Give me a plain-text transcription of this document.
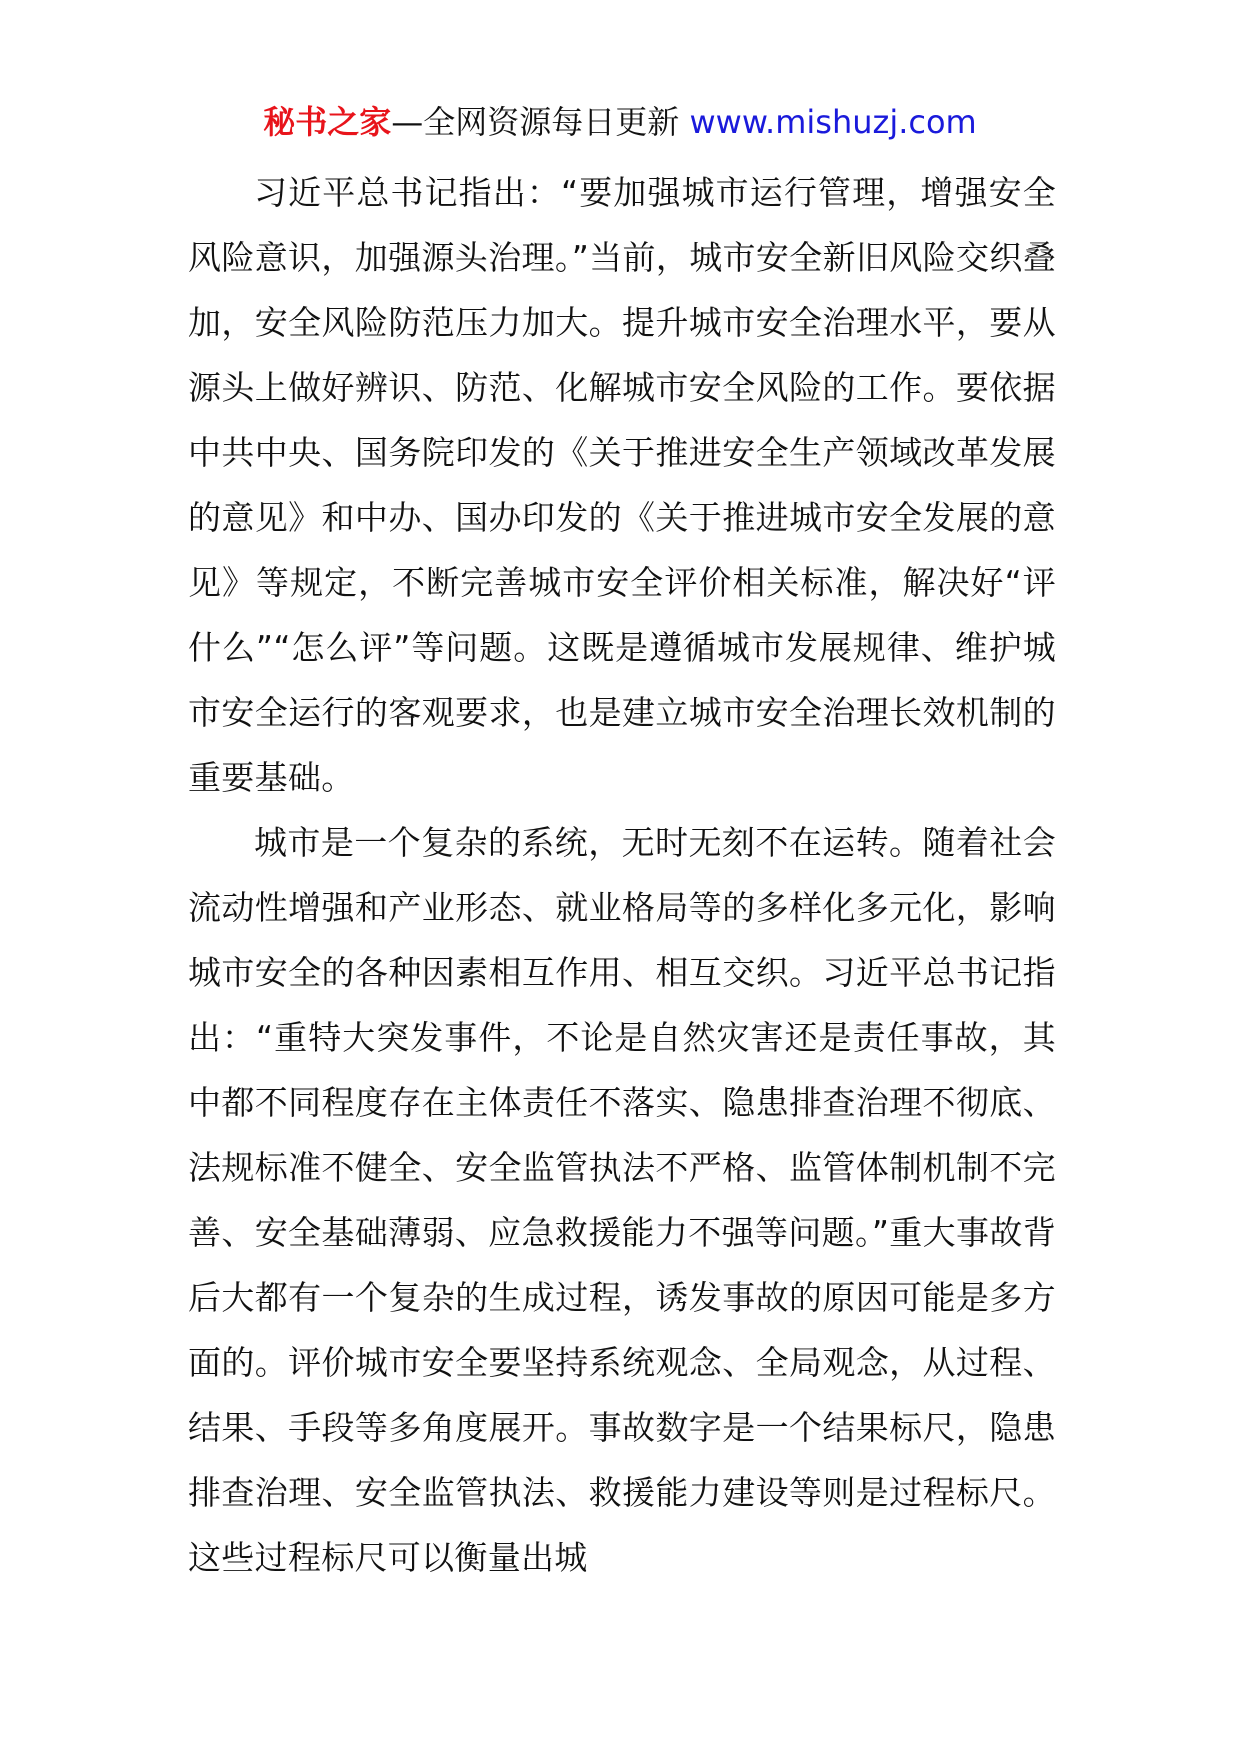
秘书之家—全网资源每日更新 www.mishuzj.com

习近平总书记指出：“要加强城市运行管理，增强安全风险意识，加强源头治理。”当前，城市安全新旧风险交织叠加，安全风险防范压力加大。提升城市安全治理水平，要从源头上做好辨识、防范、化解城市安全风险的工作。要依据中共中央、国务院印发的《关于推进安全生产领域改革发展的意见》和中办、国办印发的《关于推进城市安全发展的意见》等规定，不断完善城市安全评价相关标准，解决好“评什么”“怎么评”等问题。这既是遵循城市发展规律、维护城市安全运行的客观要求，也是建立城市安全治理长效机制的重要基础。

城市是一个复杂的系统，无时无刻不在运转。随着社会流动性增强和产业形态、就业格局等的多样化多元化，影响城市安全的各种因素相互作用、相互交织。习近平总书记指出：“重特大突发事件，不论是自然灾害还是责任事故，其中都不同程度存在主体责任不落实、隐患排查治理不彻底、法规标准不健全、安全监管执法不严格、监管体制机制不完善、安全基础薄弱、应急救援能力不强等问题。”重大事故背后大都有一个复杂的生成过程，诱发事故的原因可能是多方面的。评价城市安全要坚持系统观念、全局观念，从过程、结果、手段等多角度展开。事故数字是一个结果标尺，隐患排查治理、安全监管执法、救援能力建设等则是过程标尺。这些过程标尺可以衡量出城
